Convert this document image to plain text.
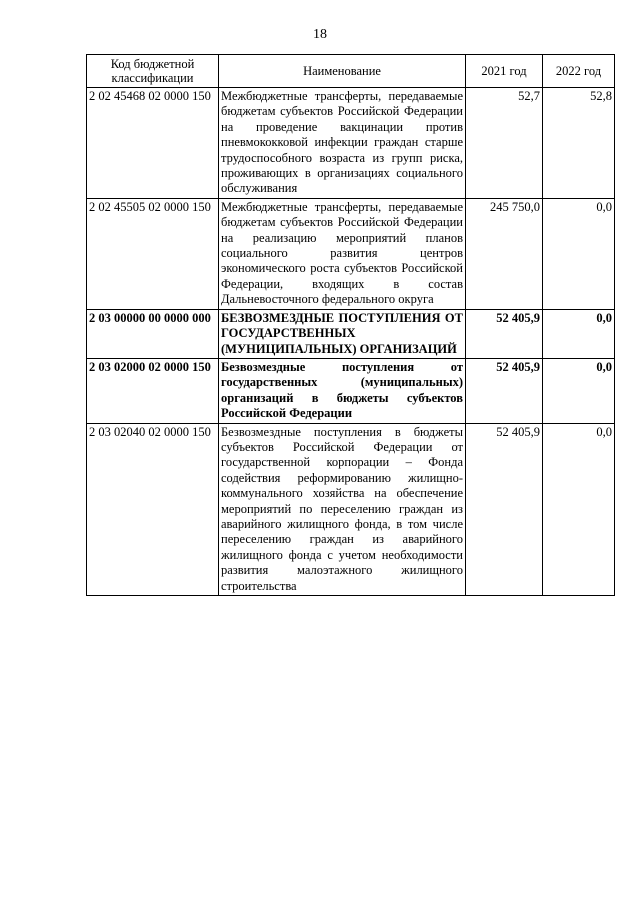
18
Код бюджетной классификации	Наименование	2021 год	2022 год
2 02 45468 02 0000 150	Межбюджетные трансферты, передаваемые бюджетам субъектов Российской Федерации на проведение вакцинации против пневмококковой инфекции граждан старше трудоспособного возраста из групп риска, проживающих в организациях социального обслуживания	52,7	52,8
2 02 45505 02 0000 150	Межбюджетные трансферты, передаваемые бюджетам субъектов Российской Федерации на реализацию мероприятий планов социального развития центров экономического роста субъектов Российской Федерации, входящих в состав Дальневосточного федерального округа	245 750,0	0,0
2 03 00000 00 0000 000	БЕЗВОЗМЕЗДНЫЕ ПОСТУПЛЕНИЯ ОТ ГОСУДАРСТВЕННЫХ (МУНИЦИПАЛЬНЫХ) ОРГАНИЗАЦИЙ	52 405,9	0,0
2 03 02000 02 0000 150	Безвозмездные поступления от государственных (муниципальных) организаций в бюджеты субъектов Российской Федерации	52 405,9	0,0
2 03 02040 02 0000 150	Безвозмездные поступления в бюджеты субъектов Российской Федерации от государственной корпорации – Фонда содействия реформированию жилищно-коммунального хозяйства на обеспечение мероприятий по переселению граждан из аварийного жилищного фонда, в том числе переселению граждан из аварийного жилищного фонда с учетом необходимости развития малоэтажного жилищного строительства	52 405,9	0,0
